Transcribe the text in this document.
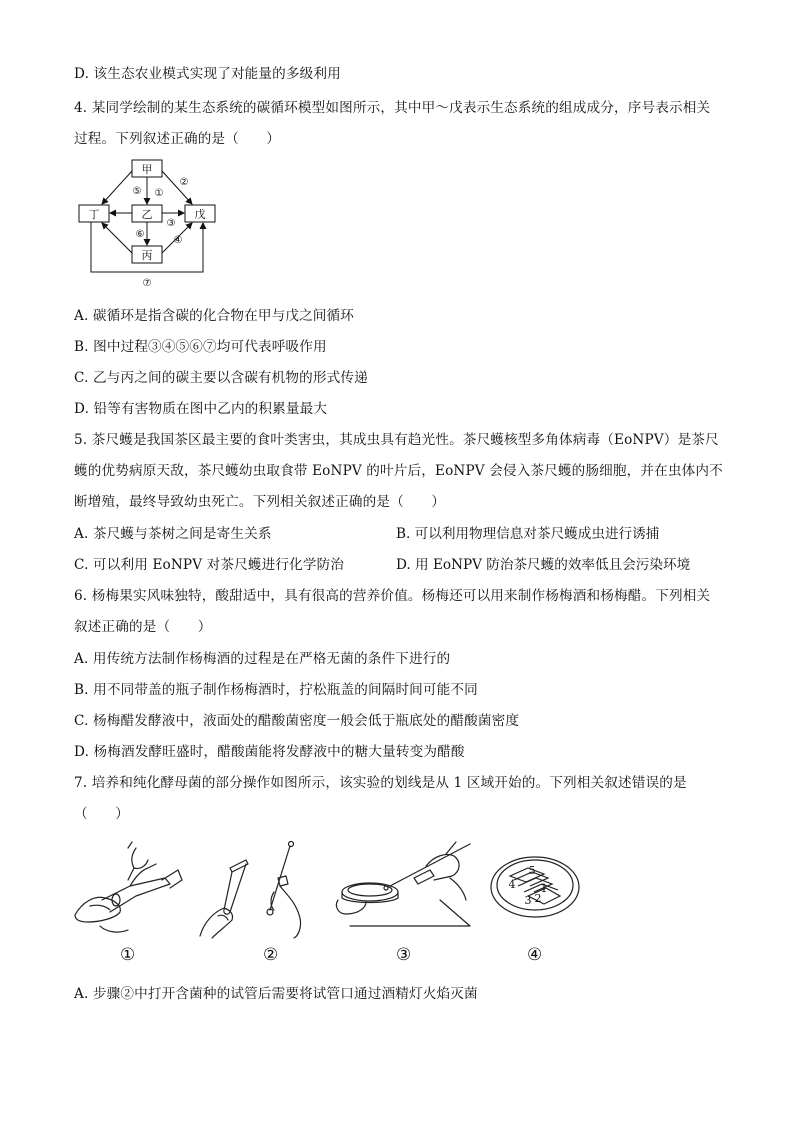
D. 该生态农业模式实现了对能量的多级利用
4. 某同学绘制的某生态系统的碳循环模型如图所示，其中甲～戊表示生态系统的组成成分，序号表示相关
过程。下列叙述正确的是（　　）
甲
乙
丙
丁	戊
①
②
③
④
⑤
⑥
⑦
A. 碳循环是指含碳的化合物在甲与戊之间循环
B. 图中过程③④⑤⑥⑦均可代表呼吸作用
C. 乙与丙之间的碳主要以含碳有机物的形式传递
D. 铅等有害物质在图中乙内的积累量最大
5. 茶尺蠖是我国茶区最主要的食叶类害虫，其成虫具有趋光性。茶尺蠖核型多角体病毒（EoNPV）是茶尺
蠖的优势病原天敌，茶尺蠖幼虫取食带 EoNPV 的叶片后，EoNPV 会侵入茶尺蠖的肠细胞，并在虫体内不
断增殖，最终导致幼虫死亡。下列相关叙述正确的是（　　）
A. 茶尺蠖与茶树之间是寄生关系	B. 可以利用物理信息对茶尺蠖成虫进行诱捕
C. 可以利用 EoNPV 对茶尺蠖进行化学防治	D. 用 EoNPV 防治茶尺蠖的效率低且会污染环境
6. 杨梅果实风味独特，酸甜适中，具有很高的营养价值。杨梅还可以用来制作杨梅酒和杨梅醋。下列相关
叙述正确的是（　　）
A. 用传统方法制作杨梅酒的过程是在严格无菌的条件下进行的
B. 用不同带盖的瓶子制作杨梅酒时，拧松瓶盖的间隔时间可能不同
C. 杨梅醋发酵液中，液面处的醋酸菌密度一般会低于瓶底处的醋酸菌密度
D. 杨梅酒发酵旺盛时，醋酸菌能将发酵液中的糖大量转变为醋酸
7. 培养和纯化酵母菌的部分操作如图所示，该实验的划线是从 1 区域开始的。下列相关叙述错误的是
（　　）
5
4 1
2
3
①	②	③	④
A. 步骤②中打开含菌种的试管后需要将试管口通过酒精灯火焰灭菌
